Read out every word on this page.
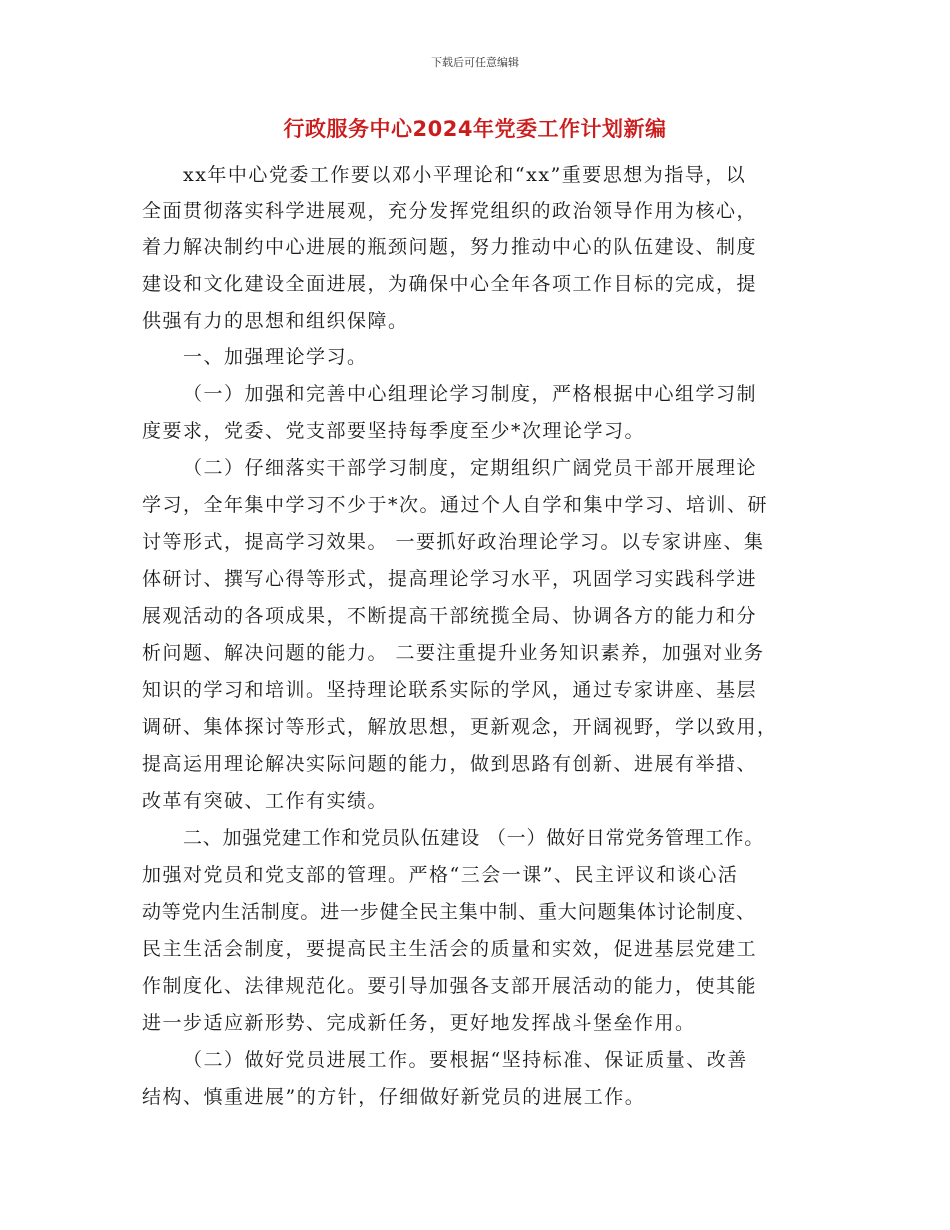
下载后可任意编辑
行政服务中心2024年党委工作计划新编

xx年中心党委工作要以邓小平理论和“xx”重要思想为指导，以

全面贯彻落实科学进展观，充分发挥党组织的政治领导作用为核心，

着力解决制约中心进展的瓶颈问题，努力推动中心的队伍建设、制度

建设和文化建设全面进展，为确保中心全年各项工作目标的完成，提

供强有力的思想和组织保障。

一、加强理论学习。

（一）加强和完善中心组理论学习制度，严格根据中心组学习制

度要求，党委、党支部要坚持每季度至少*次理论学习。

（二）仔细落实干部学习制度，定期组织广阔党员干部开展理论

学习，全年集中学习不少于*次。通过个人自学和集中学习、培训、研

讨等形式，提高学习效果。 一要抓好政治理论学习。以专家讲座、集

体研讨、撰写心得等形式，提高理论学习水平，巩固学习实践科学进

展观活动的各项成果，不断提高干部统揽全局、协调各方的能力和分

析问题、解决问题的能力。 二要注重提升业务知识素养，加强对业务

知识的学习和培训。坚持理论联系实际的学风，通过专家讲座、基层

调研、集体探讨等形式，解放思想，更新观念，开阔视野，学以致用，

提高运用理论解决实际问题的能力，做到思路有创新、进展有举措、

改革有突破、工作有实绩。

二、加强党建工作和党员队伍建设 （一）做好日常党务管理工作。

加强对党员和党支部的管理。严格“三会一课”、民主评议和谈心活

动等党内生活制度。进一步健全民主集中制、重大问题集体讨论制度、

民主生活会制度，要提高民主生活会的质量和实效，促进基层党建工

作制度化、法律规范化。要引导加强各支部开展活动的能力，使其能

进一步适应新形势、完成新任务，更好地发挥战斗堡垒作用。

（二）做好党员进展工作。要根据“坚持标准、保证质量、改善

结构、慎重进展”的方针，仔细做好新党员的进展工作。
